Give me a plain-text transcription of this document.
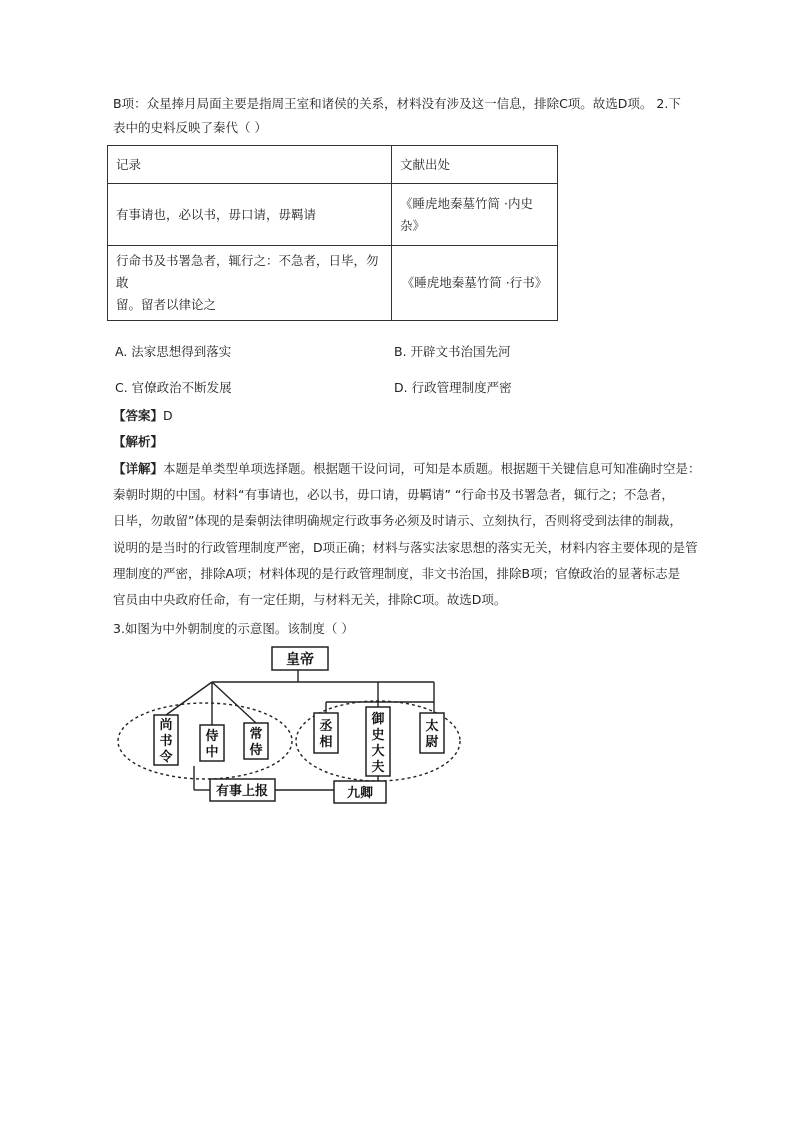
B项：众星捧月局面主要是指周王室和诸侯的关系，材料没有涉及这一信息，排除C项。故选D项。 2.下
表中的史料反映了秦代（ ）
记录	文献出处
有事请也，必以书，毋口请，毋羁请	《睡虎地秦墓竹简 ·内史
杂》

行命书及书署急者，辄行之：不急者，日毕，勿敢
留。留者以律论之	《睡虎地秦墓竹简 ·行书》
A. 法家思想得到落实	B. 开辟文书治国先河
C. 官僚政治不断发展	D. 行政管理制度严密
【答案】D
【解析】
【详解】本题是单类型单项选择题。根据题干设问词，可知是本质题。根据题干关键信息可知准确时空是：
秦朝时期的中国。材料“有事请也，必以书，毋口请，毋羁请” “行命书及书署急者，辄行之；不急者，
日毕，勿敢留”体现的是秦朝法律明确规定行政事务必须及时请示、立刻执行，否则将受到法律的制裁，
说明的是当时的行政管理制度严密，D项正确；材料与落实法家思想的落实无关，材料内容主要体现的是管
理制度的严密，排除A项；材料体现的是行政管理制度，非文书治国，排除B项；官僚政治的显著标志是
官员由中央政府任命，有一定任期，与材料无关，排除C项。故选D项。
3.如图为中外朝制度的示意图。该制度（ ）
皇帝
尚
书
令
侍
中
常
侍
丞
相
御
史
大
夫
太
尉
有事上报	九卿
